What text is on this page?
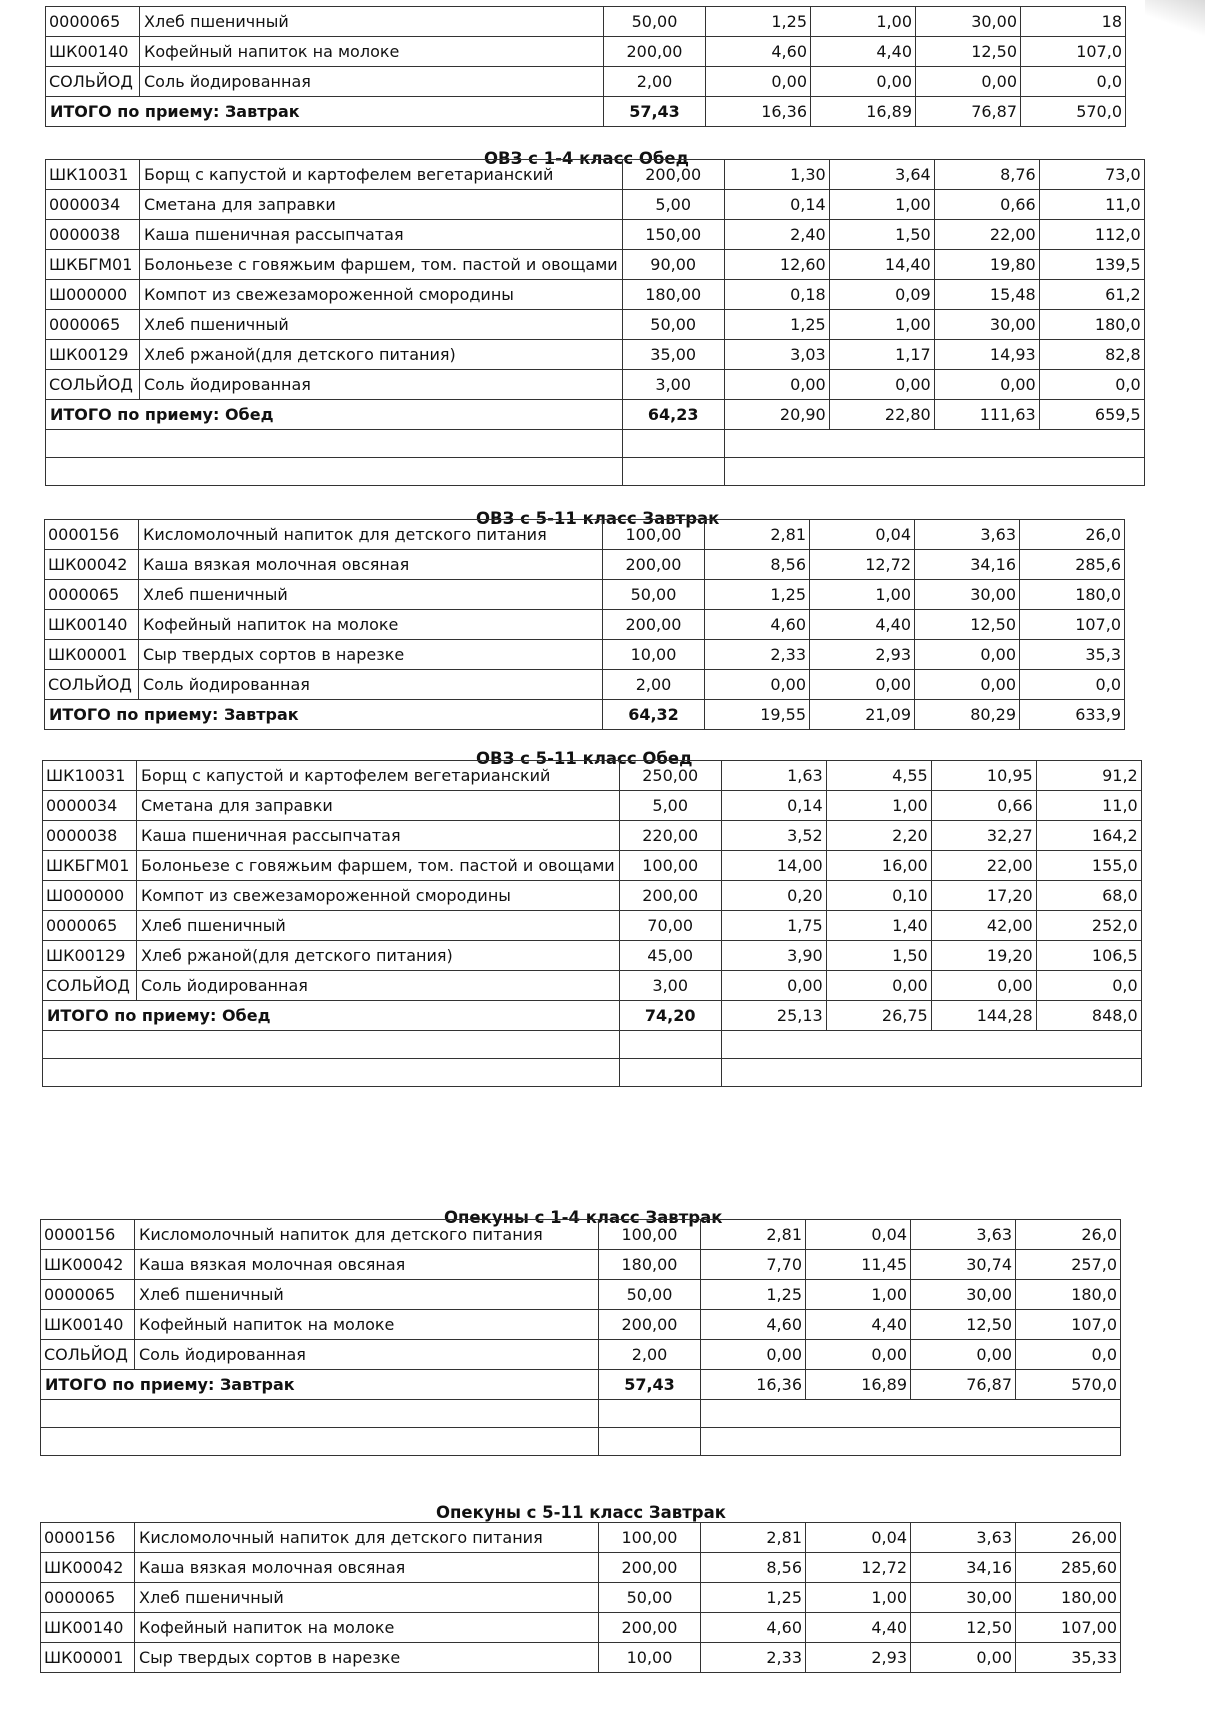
0000065	Хлеб пшеничный	50,00	1,25	1,00	30,00	18
ШК00140	Кофейный напиток на молоке	200,00	4,60	4,40	12,50	107,0
СОЛЬЙОД	Соль йодированная	2,00	0,00	0,00	0,00	0,0
ИТОГО по приему: Завтрак		57,43	16,36	16,89	76,87	570,0
ОВЗ с 1-4 класс Обед
ШК10031	Борщ с капустой и картофелем вегетарианский	200,00	1,30	3,64	8,76	73,0
0000034	Сметана для заправки	5,00	0,14	1,00	0,66	11,0
0000038	Каша пшеничная рассыпчатая	150,00	2,40	1,50	22,00	112,0
ШКБГМ01	Болоньезе с говяжьим фаршем, том. пастой и овощами	90,00	12,60	14,40	19,80	139,5
Ш000000	Компот из свежезамороженной смородины	180,00	0,18	0,09	15,48	61,2
0000065	Хлеб пшеничный	50,00	1,25	1,00	30,00	180,0
ШК00129	Хлеб ржаной(для детского питания)	35,00	3,03	1,17	14,93	82,8
СОЛЬЙОД	Соль йодированная	3,00	0,00	0,00	0,00	0,0
ИТОГО по приему: Обед		64,23	20,90	22,80	111,63	659,5

ОВЗ с 5-11 класс Завтрак
0000156	Кисломолочный напиток для детского питания	100,00	2,81	0,04	3,63	26,0
ШК00042	Каша вязкая молочная овсяная	200,00	8,56	12,72	34,16	285,6
0000065	Хлеб пшеничный	50,00	1,25	1,00	30,00	180,0
ШК00140	Кофейный напиток на молоке	200,00	4,60	4,40	12,50	107,0
ШК00001	Сыр твердых сортов в нарезке	10,00	2,33	2,93	0,00	35,3
СОЛЬЙОД	Соль йодированная	2,00	0,00	0,00	0,00	0,0
ИТОГО по приему: Завтрак		64,32	19,55	21,09	80,29	633,9
ОВЗ с 5-11 класс Обед
ШК10031	Борщ с капустой и картофелем вегетарианский	250,00	1,63	4,55	10,95	91,2
0000034	Сметана для заправки	5,00	0,14	1,00	0,66	11,0
0000038	Каша пшеничная рассыпчатая	220,00	3,52	2,20	32,27	164,2
ШКБГМ01	Болоньезе с говяжьим фаршем, том. пастой и овощами	100,00	14,00	16,00	22,00	155,0
Ш000000	Компот из свежезамороженной смородины	200,00	0,20	0,10	17,20	68,0
0000065	Хлеб пшеничный	70,00	1,75	1,40	42,00	252,0
ШК00129	Хлеб ржаной(для детского питания)	45,00	3,90	1,50	19,20	106,5
СОЛЬЙОД	Соль йодированная	3,00	0,00	0,00	0,00	0,0
ИТОГО по приему: Обед		74,20	25,13	26,75	144,28	848,0

Опекуны с 1-4 класс Завтрак
0000156	Кисломолочный напиток для детского питания	100,00	2,81	0,04	3,63	26,0
ШК00042	Каша вязкая молочная овсяная	180,00	7,70	11,45	30,74	257,0
0000065	Хлеб пшеничный	50,00	1,25	1,00	30,00	180,0
ШК00140	Кофейный напиток на молоке	200,00	4,60	4,40	12,50	107,0
СОЛЬЙОД	Соль йодированная	2,00	0,00	0,00	0,00	0,0
ИТОГО по приему: Завтрак		57,43	16,36	16,89	76,87	570,0

Опекуны с 5-11 класс Завтрак
0000156	Кисломолочный напиток для детского питания	100,00	2,81	0,04	3,63	26,00
ШК00042	Каша вязкая молочная овсяная	200,00	8,56	12,72	34,16	285,60
0000065	Хлеб пшеничный	50,00	1,25	1,00	30,00	180,00
ШК00140	Кофейный напиток на молоке	200,00	4,60	4,40	12,50	107,00
ШК00001	Сыр твердых сортов в нарезке	10,00	2,33	2,93	0,00	35,33
